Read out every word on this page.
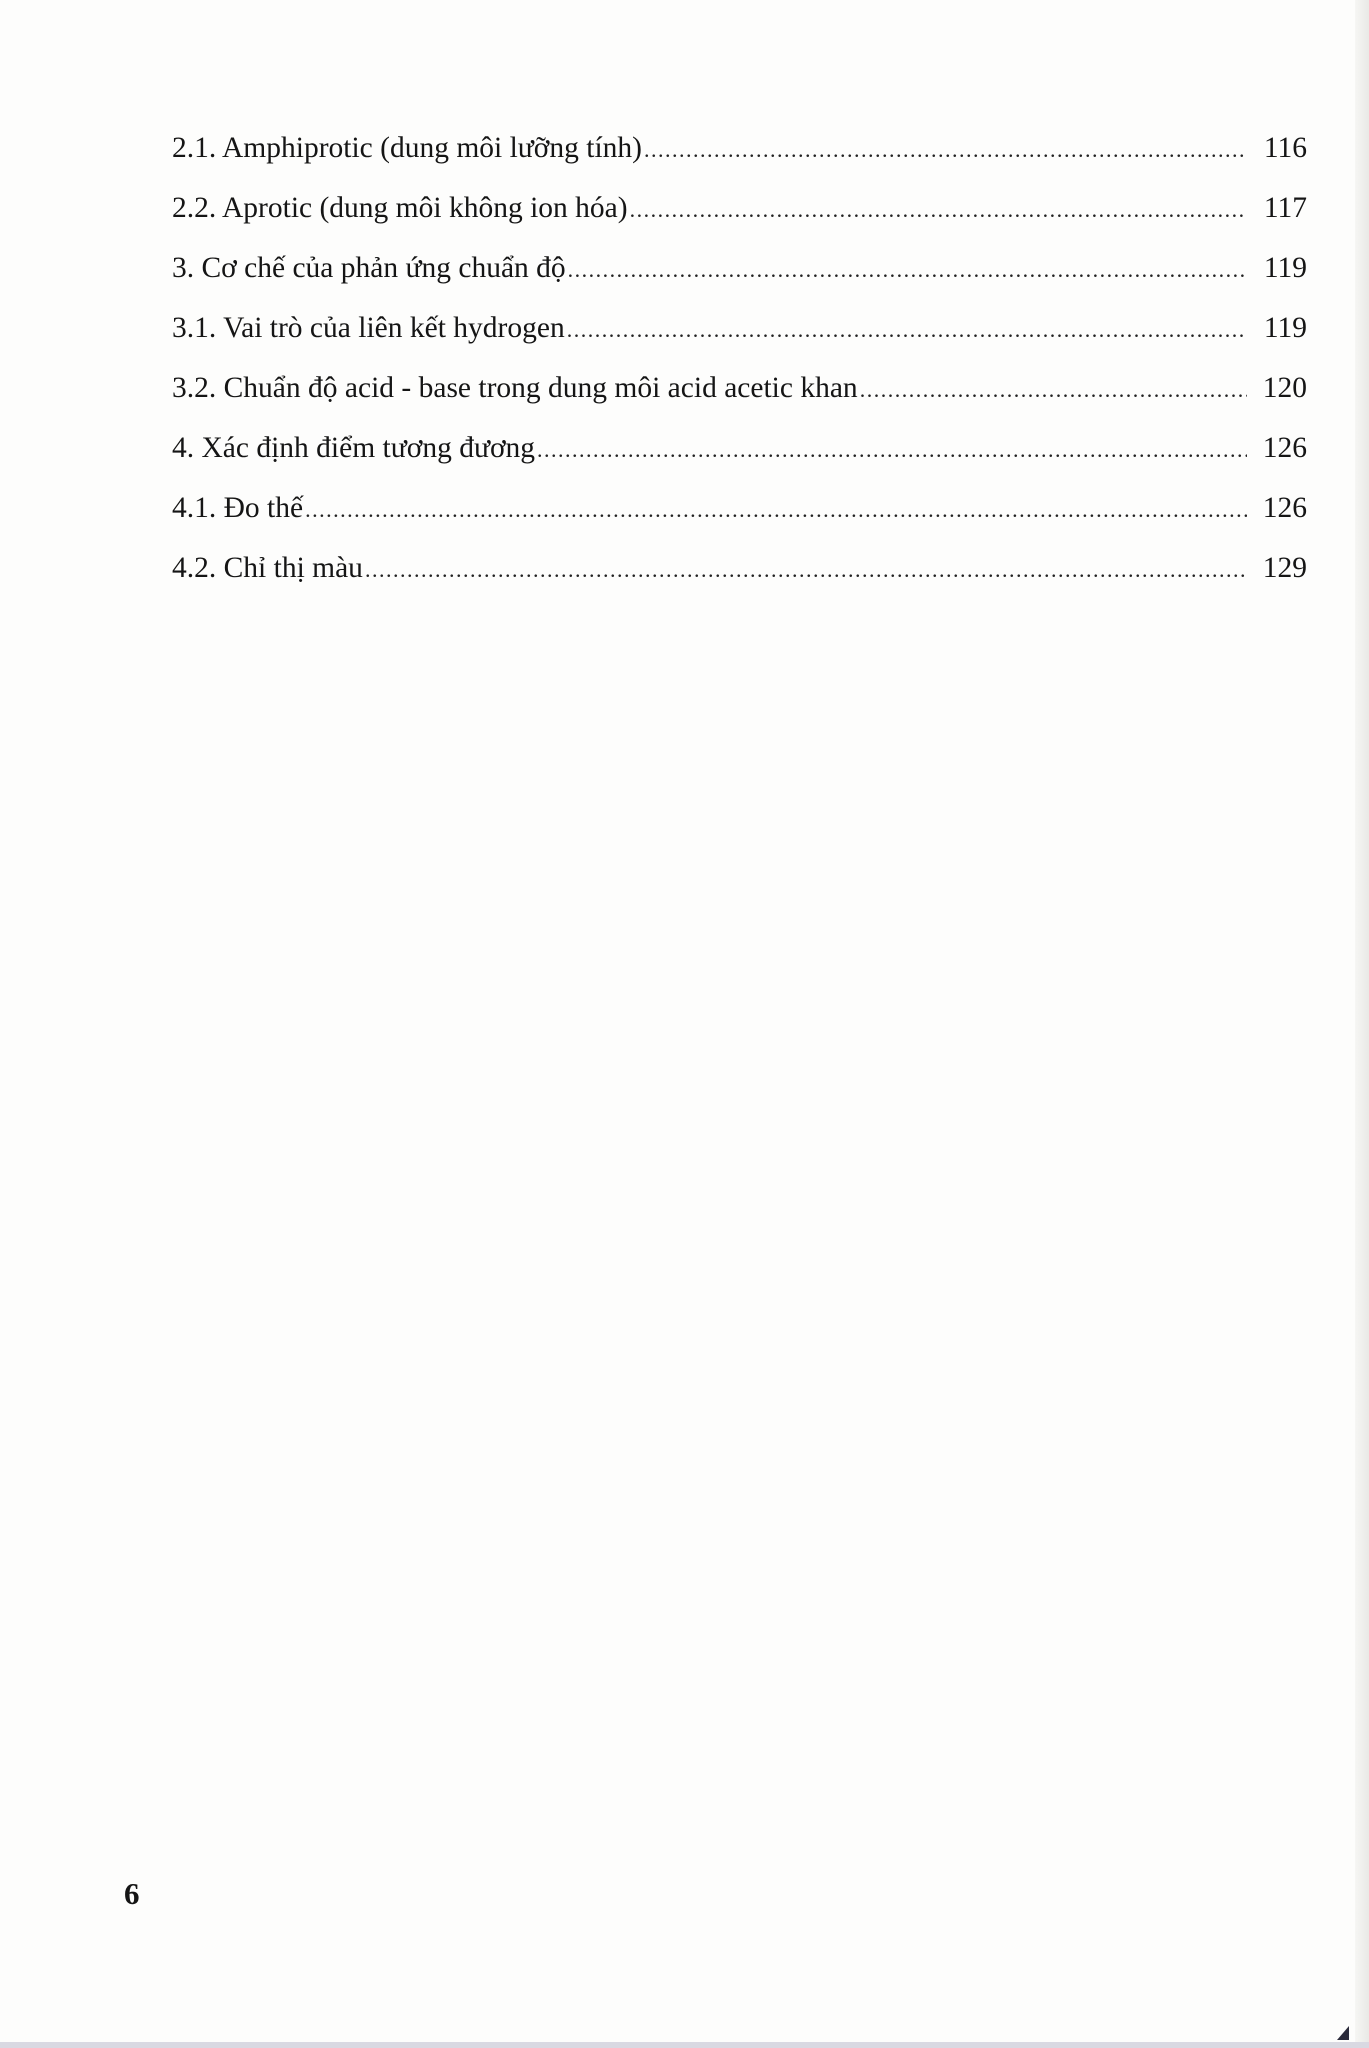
2.1. Amphiprotic (dung môi lưỡng tính) .....	116
2.2. Aprotic (dung môi không ion hóa) .....	117
3. Cơ chế của phản ứng chuẩn độ .....	119
3.1. Vai trò của liên kết hydrogen .....	119
3.2. Chuẩn độ acid - base trong dung môi acid acetic khan .....	120
4. Xác định điểm tương đương .....	126
4.1. Đo thế .....	126
4.2. Chỉ thị màu .....	129
6
